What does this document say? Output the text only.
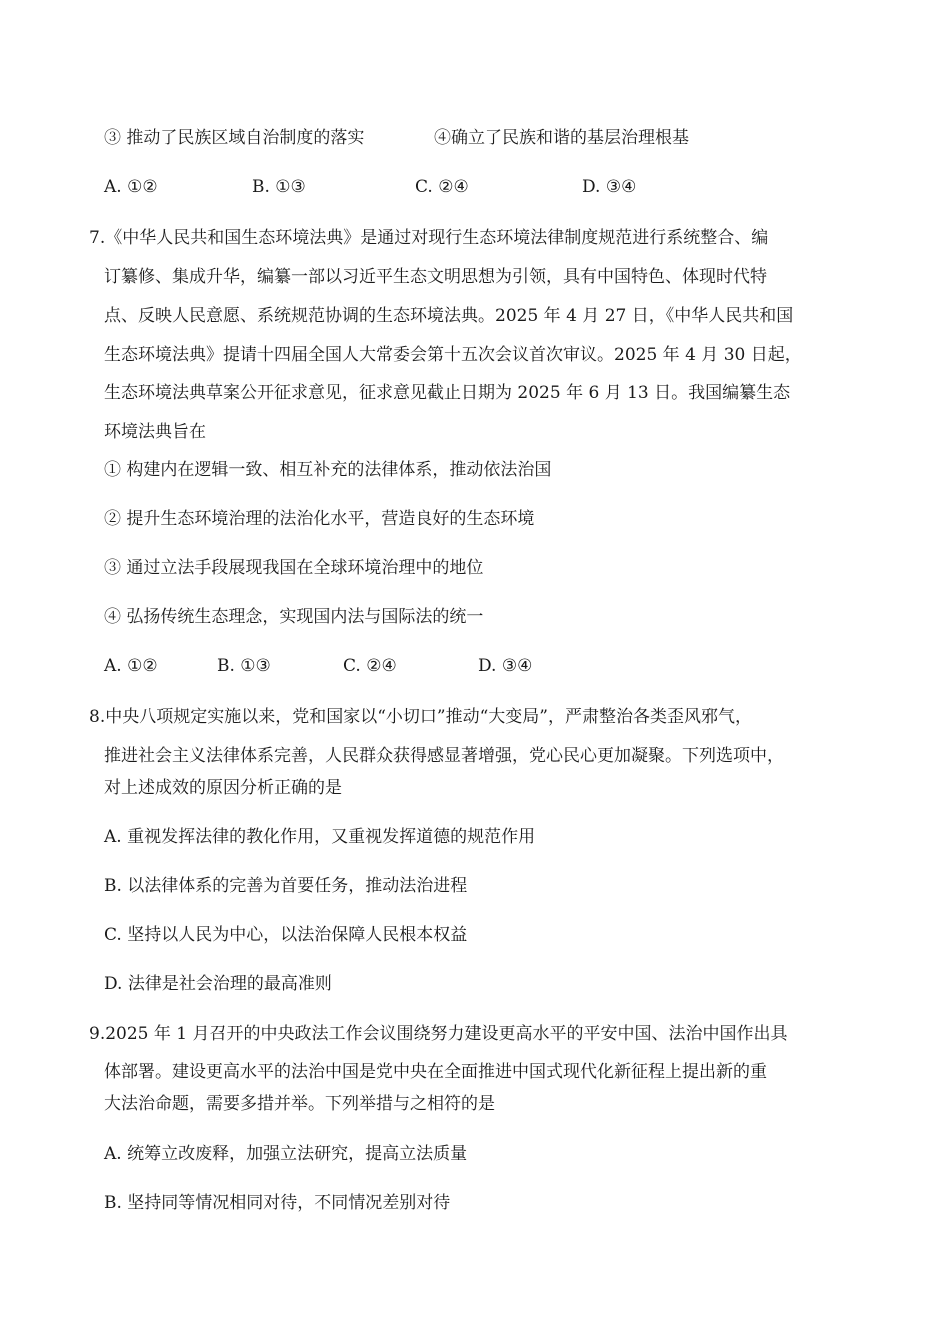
③ 推动了民族区域自治制度的落实	④确立了民族和谐的基层治理根基
A. ①②	B. ①③	C. ②④	D. ③④
7.《中华人民共和国生态环境法典》是通过对现行生态环境法律制度规范进行系统整合、编
订纂修、集成升华，编纂一部以习近平生态文明思想为引领，具有中国特色、体现时代特
点、反映人民意愿、系统规范协调的生态环境法典。2025 年 4 月 27 日，《中华人民共和国
生态环境法典》提请十四届全国人大常委会第十五次会议首次审议。2025 年 4 月 30 日起，
生态环境法典草案公开征求意见，征求意见截止日期为 2025 年 6 月 13 日。我国编纂生态
环境法典旨在
① 构建内在逻辑一致、相互补充的法律体系，推动依法治国
② 提升生态环境治理的法治化水平，营造良好的生态环境
③ 通过立法手段展现我国在全球环境治理中的地位
④ 弘扬传统生态理念，实现国内法与国际法的统一
A. ①②	B. ①③	C. ②④	D. ③④
8.中央八项规定实施以来，党和国家以“小切口”推动“大变局”，严肃整治各类歪风邪气，
推进社会主义法律体系完善，人民群众获得感显著增强，党心民心更加凝聚。下列选项中，
对上述成效的原因分析正确的是
A. 重视发挥法律的教化作用，又重视发挥道德的规范作用
B. 以法律体系的完善为首要任务，推动法治进程
C. 坚持以人民为中心，以法治保障人民根本权益
D. 法律是社会治理的最高准则
9.2025 年 1 月召开的中央政法工作会议围绕努力建设更高水平的平安中国、法治中国作出具
体部署。建设更高水平的法治中国是党中央在全面推进中国式现代化新征程上提出新的重
大法治命题，需要多措并举。下列举措与之相符的是
A. 统筹立改废释，加强立法研究，提高立法质量
B. 坚持同等情况相同对待，不同情况差别对待
